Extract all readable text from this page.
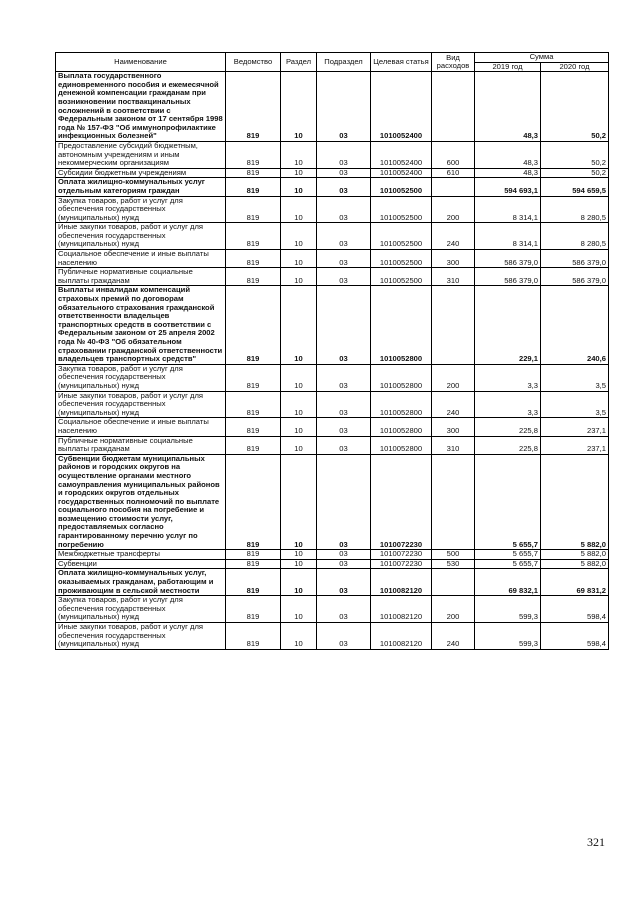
Наименование	Ведомство	Раздел	Подраздел	Целевая статья	Вид расходов	Сумма	
						2019 год	2020 год
Выплата государственного единовременного пособия и ежемесячной денежной компенсации гражданам при возникновении поствакцинальных осложнений в соответствии с Федеральным законом от 17 сентября 1998 года № 157-ФЗ "Об иммунопрофилактике инфекционных болезней"	819	10	03	1010052400		48,3	50,2
Предоставление субсидий бюджетным, автономным учреждениям и иным некоммерческим организациям	819	10	03	1010052400	600	48,3	50,2
Субсидии бюджетным учреждениям	819	10	03	1010052400	610	48,3	50,2
Оплата жилищно-коммунальных услуг отдельным категориям граждан	819	10	03	1010052500		594 693,1	594 659,5
Закупка товаров, работ и услуг для обеспечения государственных (муниципальных) нужд	819	10	03	1010052500	200	8 314,1	8 280,5
Иные закупки товаров, работ и услуг для обеспечения государственных (муниципальных) нужд	819	10	03	1010052500	240	8 314,1	8 280,5
Социальное обеспечение и иные выплаты населению	819	10	03	1010052500	300	586 379,0	586 379,0
Публичные нормативные социальные выплаты гражданам	819	10	03	1010052500	310	586 379,0	586 379,0
Выплаты инвалидам компенсаций страховых премий по договорам обязательного страхования гражданской ответственности владельцев транспортных средств в соответствии с Федеральным законом от 25 апреля 2002 года № 40-ФЗ "Об обязательном страховании гражданской ответственности владельцев транспортных средств"	819	10	03	1010052800		229,1	240,6
Закупка товаров, работ и услуг для обеспечения государственных (муниципальных) нужд	819	10	03	1010052800	200	3,3	3,5
Иные закупки товаров, работ и услуг для обеспечения государственных (муниципальных) нужд	819	10	03	1010052800	240	3,3	3,5
Социальное обеспечение и иные выплаты населению	819	10	03	1010052800	300	225,8	237,1
Публичные нормативные социальные выплаты гражданам	819	10	03	1010052800	310	225,8	237,1
Субвенции бюджетам муниципальных районов и городских округов на осуществление органами местного самоуправления муниципальных районов и городских округов отдельных государственных полномочий по выплате социального пособия на погребение и возмещению стоимости услуг, предоставляемых согласно гарантированному перечню услуг по погребению	819	10	03	1010072230		5 655,7	5 882,0
Межбюджетные трансферты	819	10	03	1010072230	500	5 655,7	5 882,0
Субвенции	819	10	03	1010072230	530	5 655,7	5 882,0
Оплата жилищно-коммунальных услуг, оказываемых гражданам, работающим и проживающим в сельской местности	819	10	03	1010082120		69 832,1	69 831,2
Закупка товаров, работ и услуг для обеспечения государственных (муниципальных) нужд	819	10	03	1010082120	200	599,3	598,4
Иные закупки товаров, работ и услуг для обеспечения государственных (муниципальных) нужд	819	10	03	1010082120	240	599,3	598,4
321
